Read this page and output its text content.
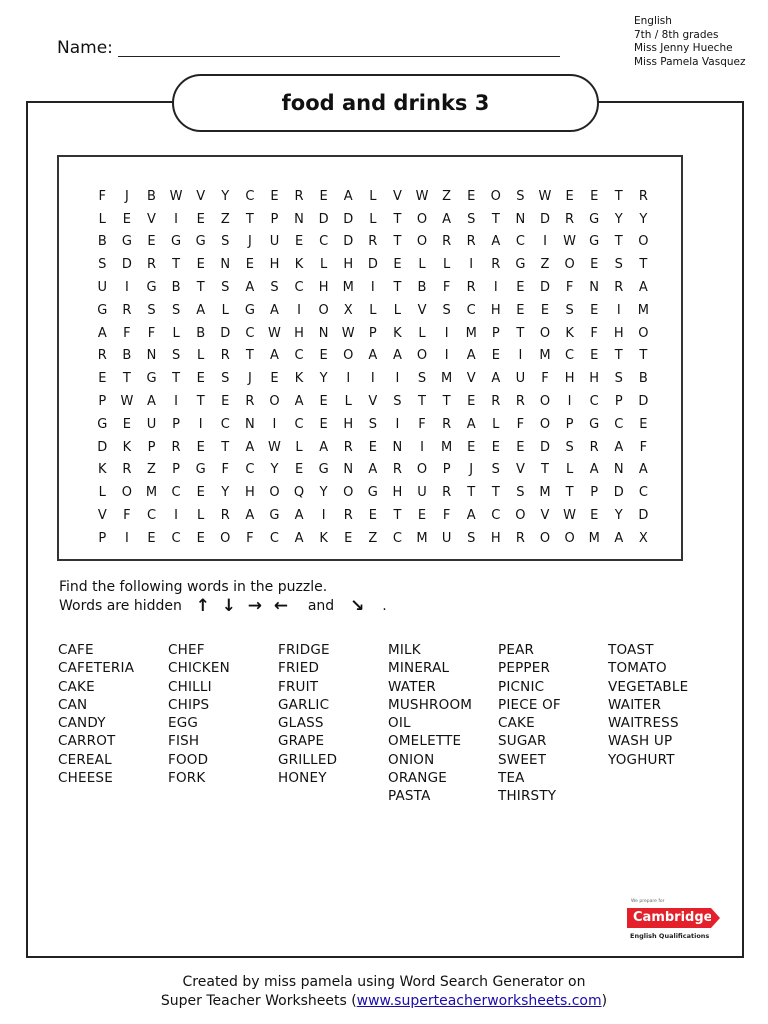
Name:
English
7th / 8th grades
Miss Jenny Hueche
Miss Pamela Vasquez
food and drinks 3
F	J	B	W	V	Y	C	E	R	E	A	L	V	W	Z	E	O	S	W	E	E	T	R
L	E	V	I	E	Z	T	P	N	D	D	L	T	O	A	S	T	N	D	R	G	Y	Y
B	G	E	G	G	S	J	U	E	C	D	R	T	O	R	R	A	C	I	W	G	T	O
S	D	R	T	E	N	E	H	K	L	H	D	E	L	L	I	R	G	Z	O	E	S	T
U	I	G	B	T	S	A	S	C	H	M	I	T	B	F	R	I	E	D	F	N	R	A
G	R	S	S	A	L	G	A	I	O	X	L	L	V	S	C	H	E	E	S	E	I	M
A	F	F	L	B	D	C	W	H	N	W	P	K	L	I	M	P	T	O	K	F	H	O
R	B	N	S	L	R	T	A	C	E	O	A	A	O	I	A	E	I	M	C	E	T	T
E	T	G	T	E	S	J	E	K	Y	I	I	I	S	M	V	A	U	F	H	H	S	B
P	W	A	I	T	E	R	O	A	E	L	V	S	T	T	E	R	R	O	I	C	P	D
G	E	U	P	I	C	N	I	C	E	H	S	I	F	R	A	L	F	O	P	G	C	E
D	K	P	R	E	T	A	W	L	A	R	E	N	I	M	E	E	E	D	S	R	A	F
K	R	Z	P	G	F	C	Y	E	G	N	A	R	O	P	J	S	V	T	L	A	N	A
L	O	M	C	E	Y	H	O	Q	Y	O	G	H	U	R	T	T	S	M	T	P	D	C
V	F	C	I	L	R	A	G	A	I	R	E	T	E	F	A	C	O	V	W	E	Y	D
P	I	E	C	E	O	F	C	A	K	E	Z	C	M	U	S	H	R	O	O	M	A	X
Find the following words in the puzzle.
Words are hidden ↑ ↓ → ←	and ↘	.
CAFE
CAFETERIA
CAKE
CAN
CANDY
CARROT
CEREAL
CHEESE
CHEF
CHICKEN
CHILLI
CHIPS
EGG
FISH
FOOD
FORK
FRIDGE
FRIED
FRUIT
GARLIC
GLASS
GRAPE
GRILLED
HONEY
MILK
MINERAL
WATER
MUSHROOM
OIL
OMELETTE
ONION
ORANGE
PASTA
PEAR
PEPPER
PICNIC
PIECE OF
CAKE
SUGAR
SWEET
TEA
THIRSTY
TOAST
TOMATO
VEGETABLE
WAITER
WAITRESS
WASH UP
YOGHURT
We prepare for
Cambridge
English Qualifications
Created by miss pamela using Word Search Generator on
Super Teacher Worksheets (www.superteacherworksheets.com)
